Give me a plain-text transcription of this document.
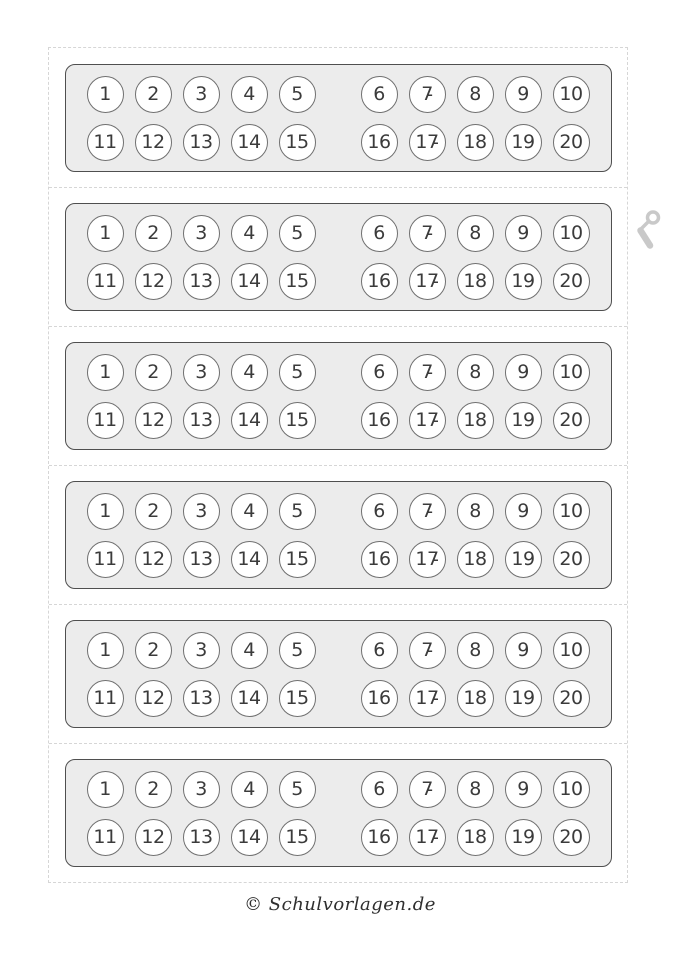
1 2 3 4 5	6 7̵ 8 9 10
11 12 13 14 15	16 17̵ 18 19 20
1 2 3 4 5	6 7̵ 8 9 10
11 12 13 14 15	16 17̵ 18 19 20
1 2 3 4 5	6 7̵ 8 9 10
11 12 13 14 15	16 17̵ 18 19 20
1 2 3 4 5	6 7̵ 8 9 10
11 12 13 14 15	16 17̵ 18 19 20
1 2 3 4 5	6 7̵ 8 9 10
11 12 13 14 15	16 17̵ 18 19 20
1 2 3 4 5	6 7̵ 8 9 10
11 12 13 14 15	16 17̵ 18 19 20
© Schulvorlagen.de
